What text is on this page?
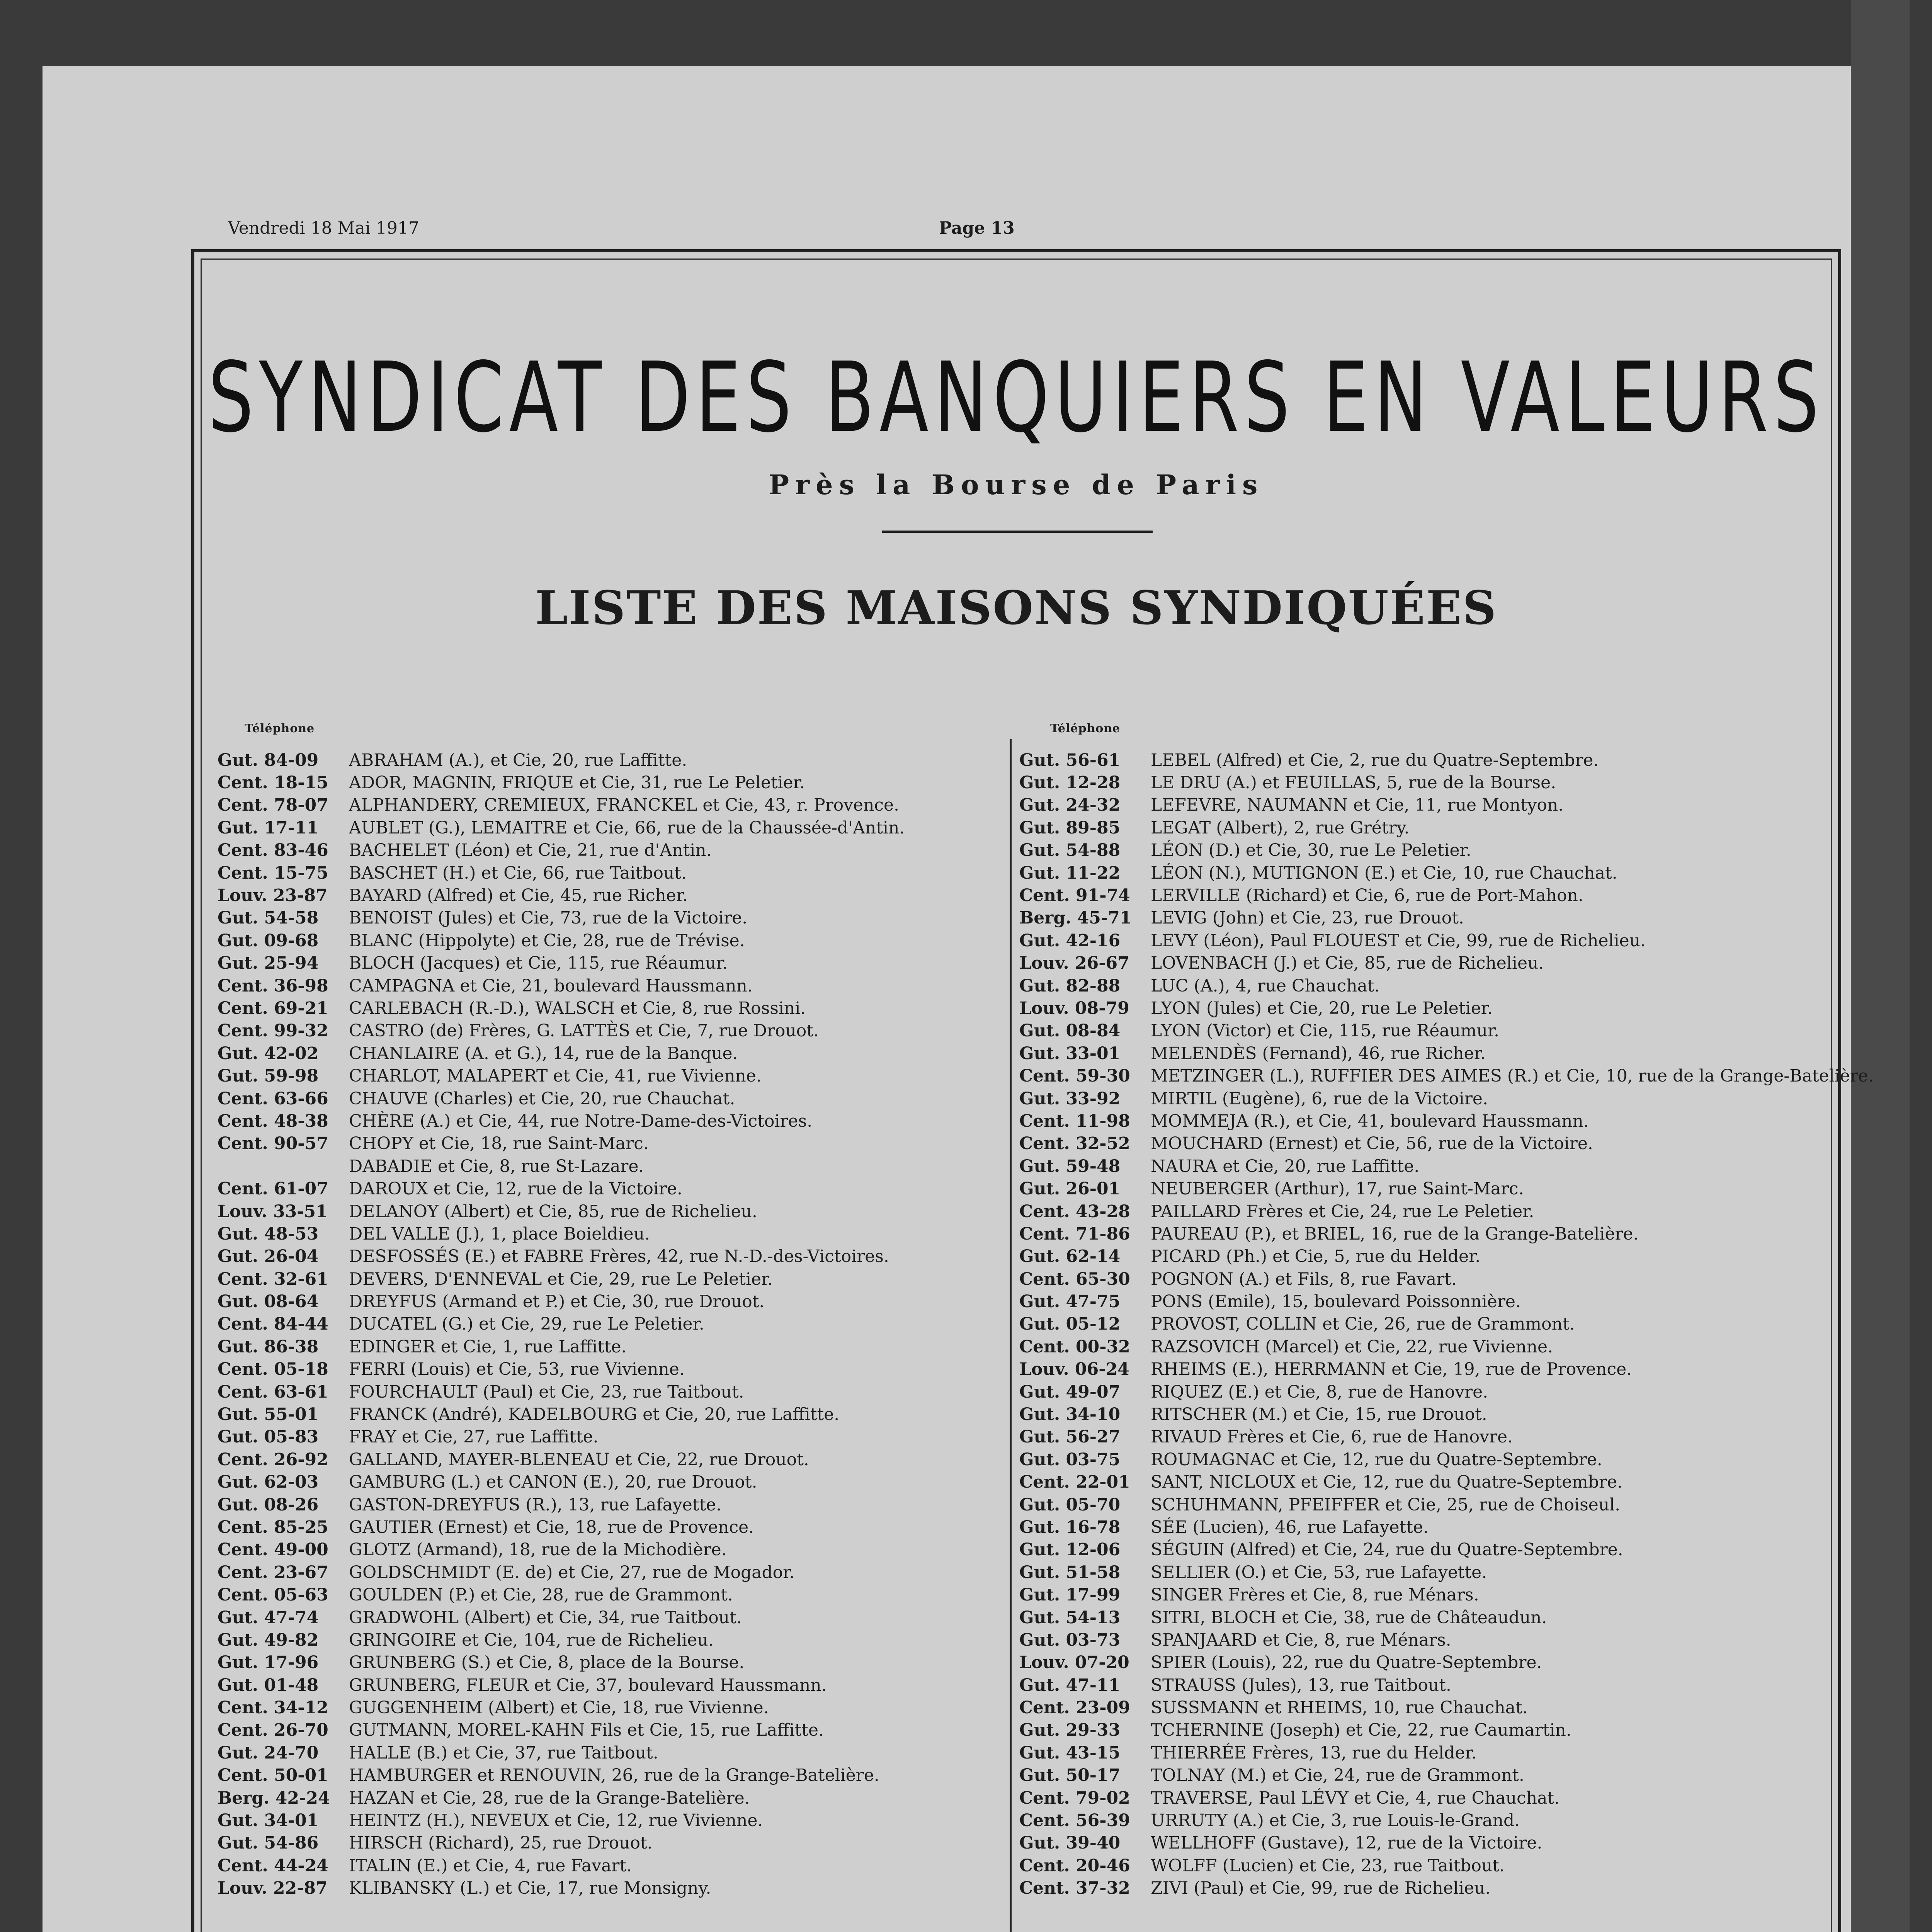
Vendredi 18 Mai 1917	Page 13
SYNDICAT DES BANQUIERS EN VALEURS
Près la Bourse de Paris
LISTE DES MAISONS SYNDIQUÉES
Téléphone
Gut. 84-09	ABRAHAM (A.), et Cie, 20, rue Laffitte.
Cent. 18-15	ADOR, MAGNIN, FRIQUE et Cie, 31, rue Le Peletier.
Cent. 78-07	ALPHANDERY, CREMIEUX, FRANCKEL et Cie, 43, r. Provence.
Gut. 17-11	AUBLET (G.), LEMAITRE et Cie, 66, rue de la Chaussée-d'Antin.
Cent. 83-46	BACHELET (Léon) et Cie, 21, rue d'Antin.
Cent. 15-75	BASCHET (H.) et Cie, 66, rue Taitbout.
Louv. 23-87	BAYARD (Alfred) et Cie, 45, rue Richer.
Gut. 54-58	BENOIST (Jules) et Cie, 73, rue de la Victoire.
Gut. 09-68	BLANC (Hippolyte) et Cie, 28, rue de Trévise.
Gut. 25-94	BLOCH (Jacques) et Cie, 115, rue Réaumur.
Cent. 36-98	CAMPAGNA et Cie, 21, boulevard Haussmann.
Cent. 69-21	CARLEBACH (R.-D.), WALSCH et Cie, 8, rue Rossini.
Cent. 99-32	CASTRO (de) Frères, G. LATTÈS et Cie, 7, rue Drouot.
Gut. 42-02	CHANLAIRE (A. et G.), 14, rue de la Banque.
Gut. 59-98	CHARLOT, MALAPERT et Cie, 41, rue Vivienne.
Cent. 63-66	CHAUVE (Charles) et Cie, 20, rue Chauchat.
Cent. 48-38	CHÈRE (A.) et Cie, 44, rue Notre-Dame-des-Victoires.
Cent. 90-57	CHOPY et Cie, 18, rue Saint-Marc.
DABADIE et Cie, 8, rue St-Lazare.
Cent. 61-07	DAROUX et Cie, 12, rue de la Victoire.
Louv. 33-51	DELANOY (Albert) et Cie, 85, rue de Richelieu.
Gut. 48-53	DEL VALLE (J.), 1, place Boieldieu.
Gut. 26-04	DESFOSSÉS (E.) et FABRE Frères, 42, rue N.-D.-des-Victoires.
Cent. 32-61	DEVERS, D'ENNEVAL et Cie, 29, rue Le Peletier.
Gut. 08-64	DREYFUS (Armand et P.) et Cie, 30, rue Drouot.
Cent. 84-44	DUCATEL (G.) et Cie, 29, rue Le Peletier.
Gut. 86-38	EDINGER et Cie, 1, rue Laffitte.
Cent. 05-18	FERRI (Louis) et Cie, 53, rue Vivienne.
Cent. 63-61	FOURCHAULT (Paul) et Cie, 23, rue Taitbout.
Gut. 55-01	FRANCK (André), KADELBOURG et Cie, 20, rue Laffitte.
Gut. 05-83	FRAY et Cie, 27, rue Laffitte.
Cent. 26-92	GALLAND, MAYER-BLENEAU et Cie, 22, rue Drouot.
Gut. 62-03	GAMBURG (L.) et CANON (E.), 20, rue Drouot.
Gut. 08-26	GASTON-DREYFUS (R.), 13, rue Lafayette.
Cent. 85-25	GAUTIER (Ernest) et Cie, 18, rue de Provence.
Cent. 49-00	GLOTZ (Armand), 18, rue de la Michodière.
Cent. 23-67	GOLDSCHMIDT (E. de) et Cie, 27, rue de Mogador.
Cent. 05-63	GOULDEN (P.) et Cie, 28, rue de Grammont.
Gut. 47-74	GRADWOHL (Albert) et Cie, 34, rue Taitbout.
Gut. 49-82	GRINGOIRE et Cie, 104, rue de Richelieu.
Gut. 17-96	GRUNBERG (S.) et Cie, 8, place de la Bourse.
Gut. 01-48	GRUNBERG, FLEUR et Cie, 37, boulevard Haussmann.
Cent. 34-12	GUGGENHEIM (Albert) et Cie, 18, rue Vivienne.
Cent. 26-70	GUTMANN, MOREL-KAHN Fils et Cie, 15, rue Laffitte.
Gut. 24-70	HALLE (B.) et Cie, 37, rue Taitbout.
Cent. 50-01	HAMBURGER et RENOUVIN, 26, rue de la Grange-Batelière.
Berg. 42-24	HAZAN et Cie, 28, rue de la Grange-Batelière.
Gut. 34-01	HEINTZ (H.), NEVEUX et Cie, 12, rue Vivienne.
Gut. 54-86	HIRSCH (Richard), 25, rue Drouot.
Cent. 44-24	ITALIN (E.) et Cie, 4, rue Favart.
Louv. 22-87	KLIBANSKY (L.) et Cie, 17, rue Monsigny.
Téléphone
Gut. 56-61	LEBEL (Alfred) et Cie, 2, rue du Quatre-Septembre.
Gut. 12-28	LE DRU (A.) et FEUILLAS, 5, rue de la Bourse.
Gut. 24-32	LEFEVRE, NAUMANN et Cie, 11, rue Montyon.
Gut. 89-85	LEGAT (Albert), 2, rue Grétry.
Gut. 54-88	LÉON (D.) et Cie, 30, rue Le Peletier.
Gut. 11-22	LÉON (N.), MUTIGNON (E.) et Cie, 10, rue Chauchat.
Cent. 91-74	LERVILLE (Richard) et Cie, 6, rue de Port-Mahon.
Berg. 45-71	LEVIG (John) et Cie, 23, rue Drouot.
Gut. 42-16	LEVY (Léon), Paul FLOUEST et Cie, 99, rue de Richelieu.
Louv. 26-67	LOVENBACH (J.) et Cie, 85, rue de Richelieu.
Gut. 82-88	LUC (A.), 4, rue Chauchat.
Louv. 08-79	LYON (Jules) et Cie, 20, rue Le Peletier.
Gut. 08-84	LYON (Victor) et Cie, 115, rue Réaumur.
Gut. 33-01	MELENDÈS (Fernand), 46, rue Richer.
Cent. 59-30	METZINGER (L.), RUFFIER DES AIMES (R.) et Cie, 10, rue de la Grange-Batelière.
Gut. 33-92	MIRTIL (Eugène), 6, rue de la Victoire.
Cent. 11-98	MOMMEJA (R.), et Cie, 41, boulevard Haussmann.
Cent. 32-52	MOUCHARD (Ernest) et Cie, 56, rue de la Victoire.
Gut. 59-48	NAURA et Cie, 20, rue Laffitte.
Gut. 26-01	NEUBERGER (Arthur), 17, rue Saint-Marc.
Cent. 43-28	PAILLARD Frères et Cie, 24, rue Le Peletier.
Cent. 71-86	PAUREAU (P.), et BRIEL, 16, rue de la Grange-Batelière.
Gut. 62-14	PICARD (Ph.) et Cie, 5, rue du Helder.
Cent. 65-30	POGNON (A.) et Fils, 8, rue Favart.
Gut. 47-75	PONS (Emile), 15, boulevard Poissonnière.
Gut. 05-12	PROVOST, COLLIN et Cie, 26, rue de Grammont.
Cent. 00-32	RAZSOVICH (Marcel) et Cie, 22, rue Vivienne.
Louv. 06-24	RHEIMS (E.), HERRMANN et Cie, 19, rue de Provence.
Gut. 49-07	RIQUEZ (E.) et Cie, 8, rue de Hanovre.
Gut. 34-10	RITSCHER (M.) et Cie, 15, rue Drouot.
Gut. 56-27	RIVAUD Frères et Cie, 6, rue de Hanovre.
Gut. 03-75	ROUMAGNAC et Cie, 12, rue du Quatre-Septembre.
Cent. 22-01	SANT, NICLOUX et Cie, 12, rue du Quatre-Septembre.
Gut. 05-70	SCHUHMANN, PFEIFFER et Cie, 25, rue de Choiseul.
Gut. 16-78	SÉE (Lucien), 46, rue Lafayette.
Gut. 12-06	SÉGUIN (Alfred) et Cie, 24, rue du Quatre-Septembre.
Gut. 51-58	SELLIER (O.) et Cie, 53, rue Lafayette.
Gut. 17-99	SINGER Frères et Cie, 8, rue Ménars.
Gut. 54-13	SITRI, BLOCH et Cie, 38, rue de Châteaudun.
Gut. 03-73	SPANJAARD et Cie, 8, rue Ménars.
Louv. 07-20	SPIER (Louis), 22, rue du Quatre-Septembre.
Gut. 47-11	STRAUSS (Jules), 13, rue Taitbout.
Cent. 23-09	SUSSMANN et RHEIMS, 10, rue Chauchat.
Gut. 29-33	TCHERNINE (Joseph) et Cie, 22, rue Caumartin.
Gut. 43-15	THIERRÉE Frères, 13, rue du Helder.
Gut. 50-17	TOLNAY (M.) et Cie, 24, rue de Grammont.
Cent. 79-02	TRAVERSE, Paul LÉVY et Cie, 4, rue Chauchat.
Cent. 56-39	URRUTY (A.) et Cie, 3, rue Louis-le-Grand.
Gut. 39-40	WELLHOFF (Gustave), 12, rue de la Victoire.
Cent. 20-46	WOLFF (Lucien) et Cie, 23, rue Taitbout.
Cent. 37-32	ZIVI (Paul) et Cie, 99, rue de Richelieu.
